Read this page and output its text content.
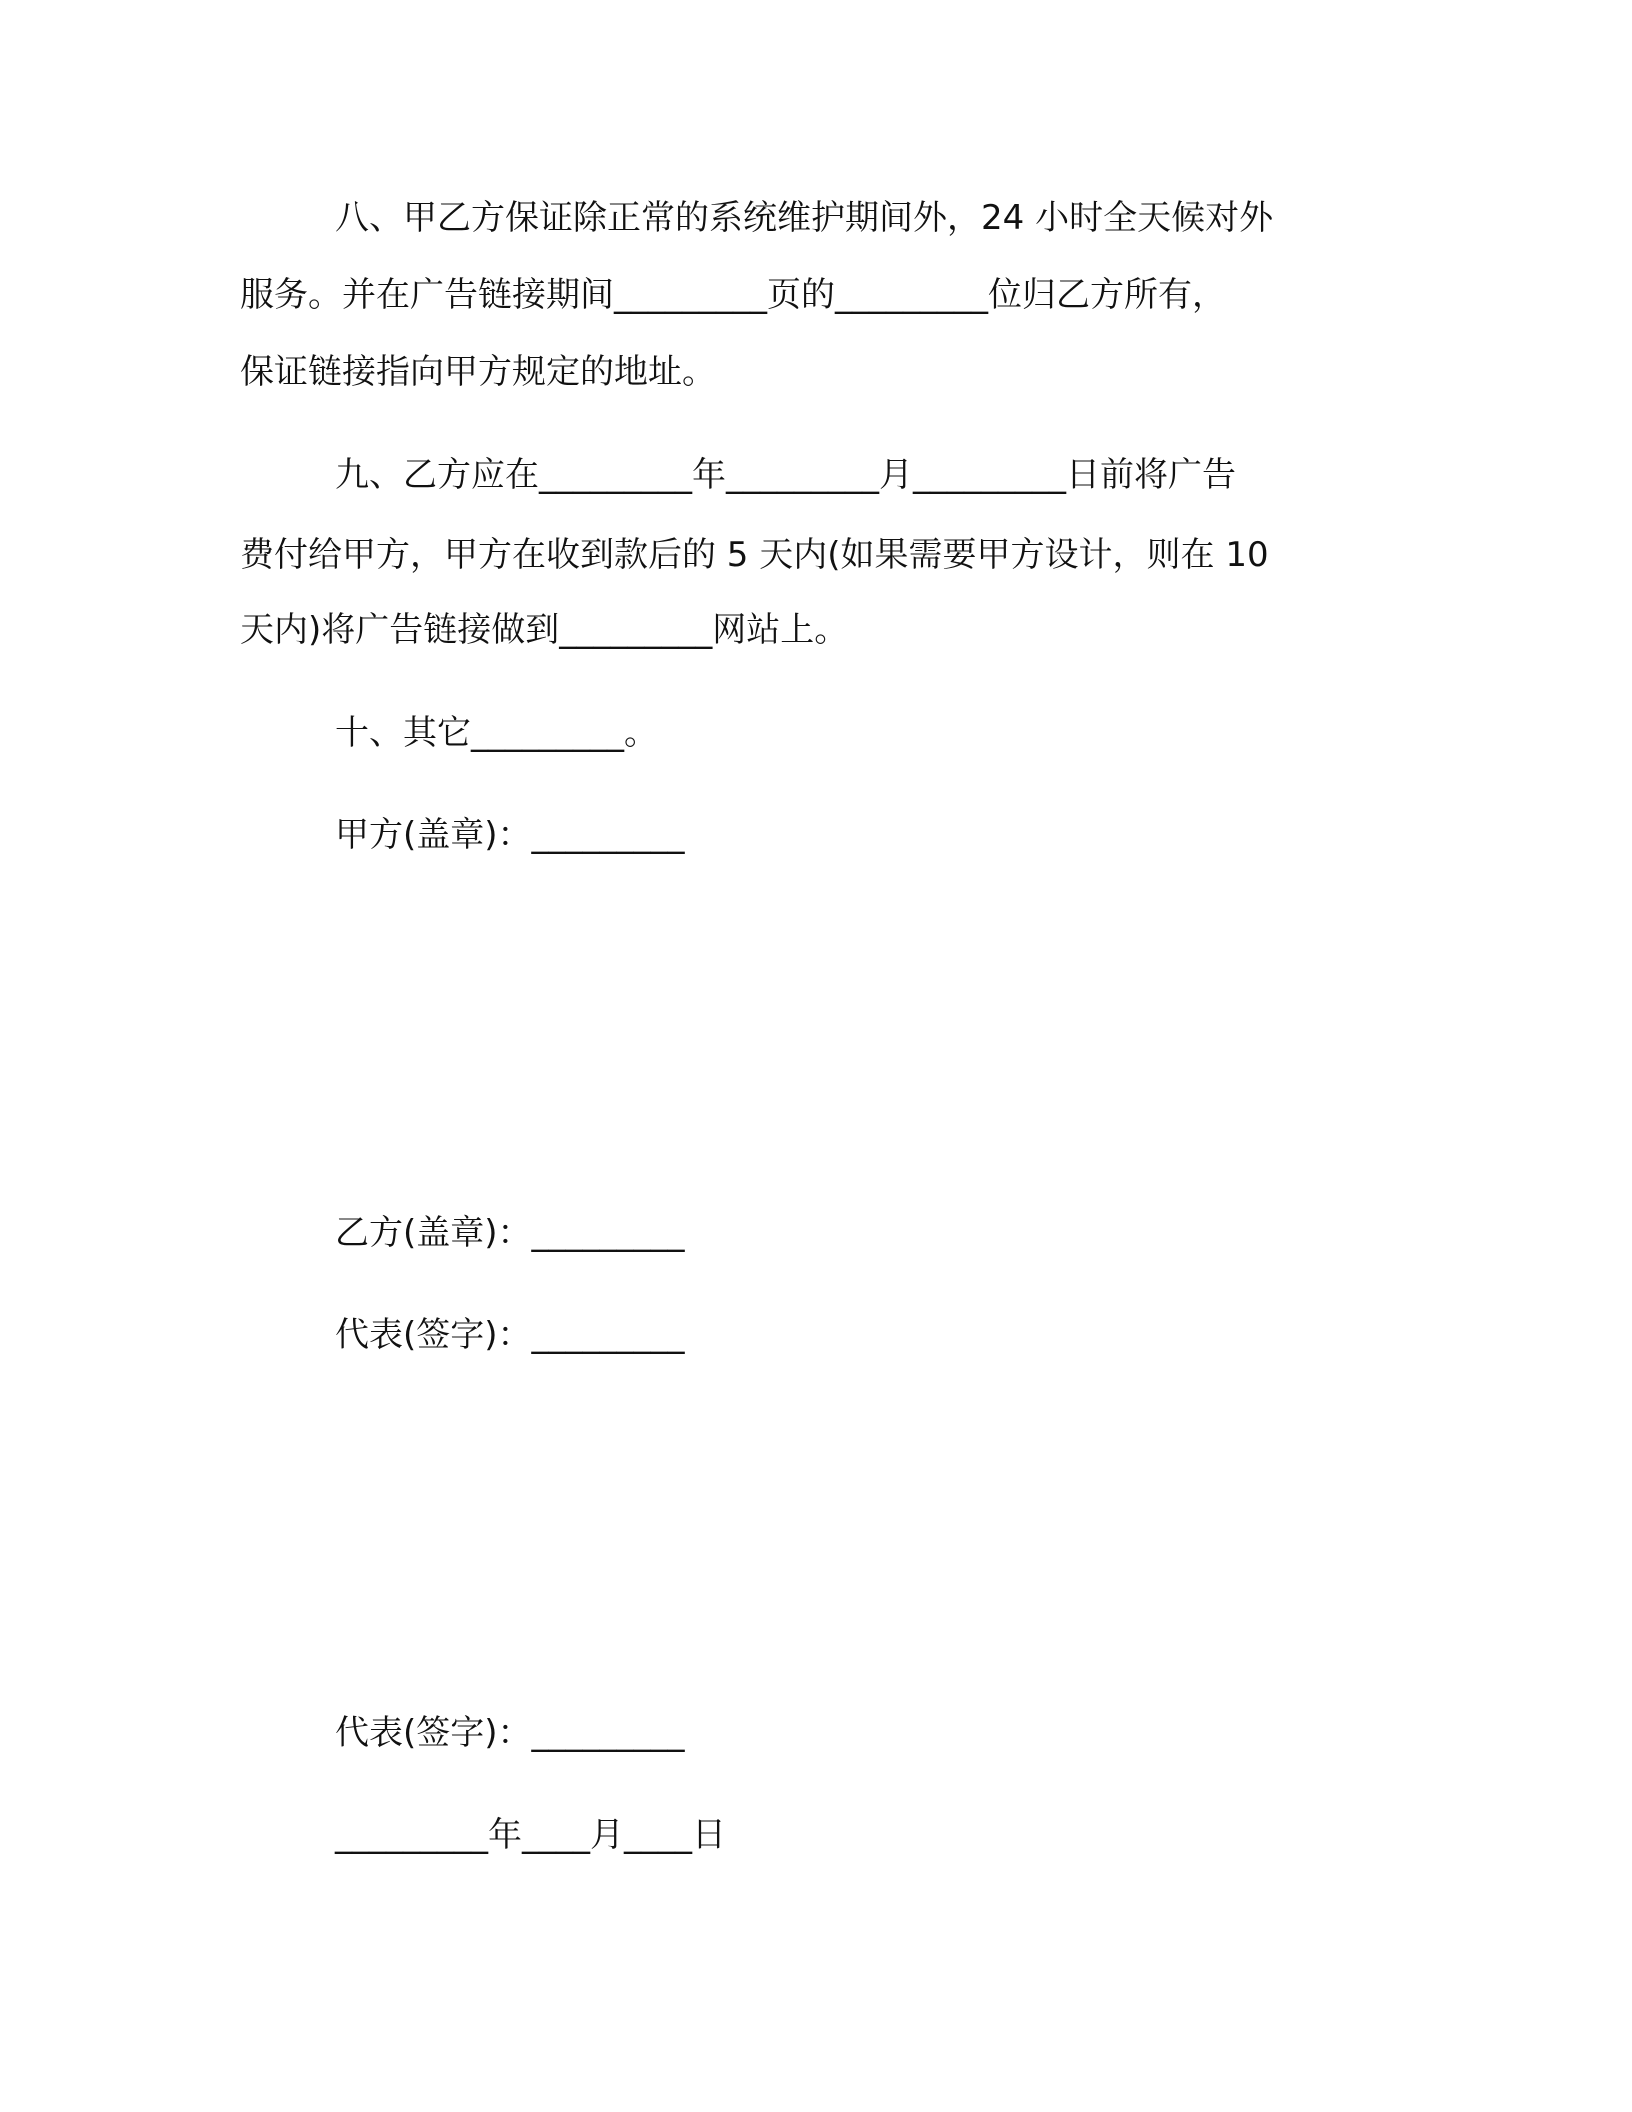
八、甲乙方保证除正常的系统维护期间外，24 小时全天候对外
服务。并在广告链接期间_________页的_________位归乙方所有，
保证链接指向甲方规定的地址。
九、乙方应在_________年_________月_________日前将广告
费付给甲方，甲方在收到款后的 5 天内(如果需要甲方设计，则在 10
天内)将广告链接做到_________网站上。
十、其它_________。
甲方(盖章)：_________
乙方(盖章)：_________
代表(签字)：_________
代表(签字)：_________
_________年____月____日
